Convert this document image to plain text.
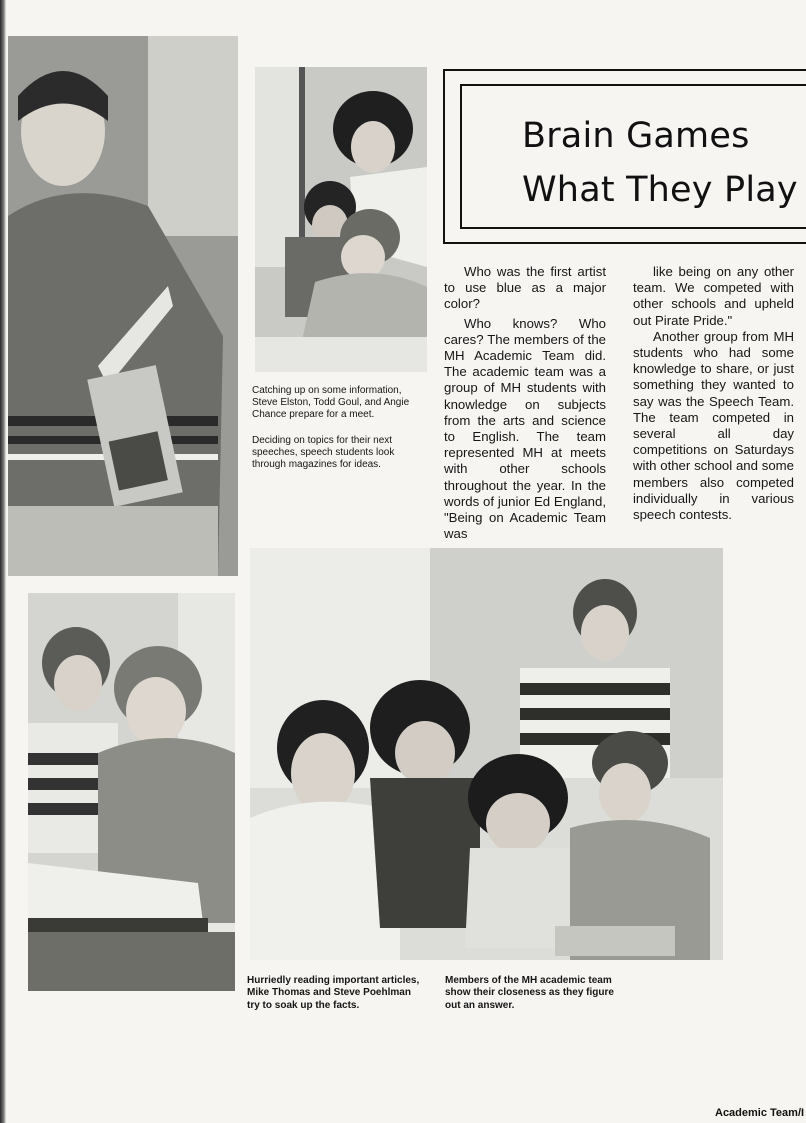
Brain Games
What They Play

Who was the first artist to use blue as a major color?

Who knows? Who cares? The members of the MH Academic Team did. The academic team was a group of MH students with knowledge on subjects from the arts and science to English. The team represented MH at meets with other schools throughout the year. In the words of junior Ed England, "Being on Academic Team was

like being on any other team. We competed with other schools and upheld out Pirate Pride."

Another group from MH students who had some knowledge to share, or just something they wanted to say was the Speech Team. The team competed in several all day competitions on Saturdays with other school and some members also competed individually in various speech contests.

Catching up on some information, Steve Elston, Todd Goul, and Angie Chance prepare for a meet.

Deciding on topics for their next speeches, speech students look through magazines for ideas.

Hurriedly reading important articles, Mike Thomas and Steve Poehlman try to soak up the facts.
Members of the MH academic team show their closeness as they figure out an answer.
Academic Team/I
